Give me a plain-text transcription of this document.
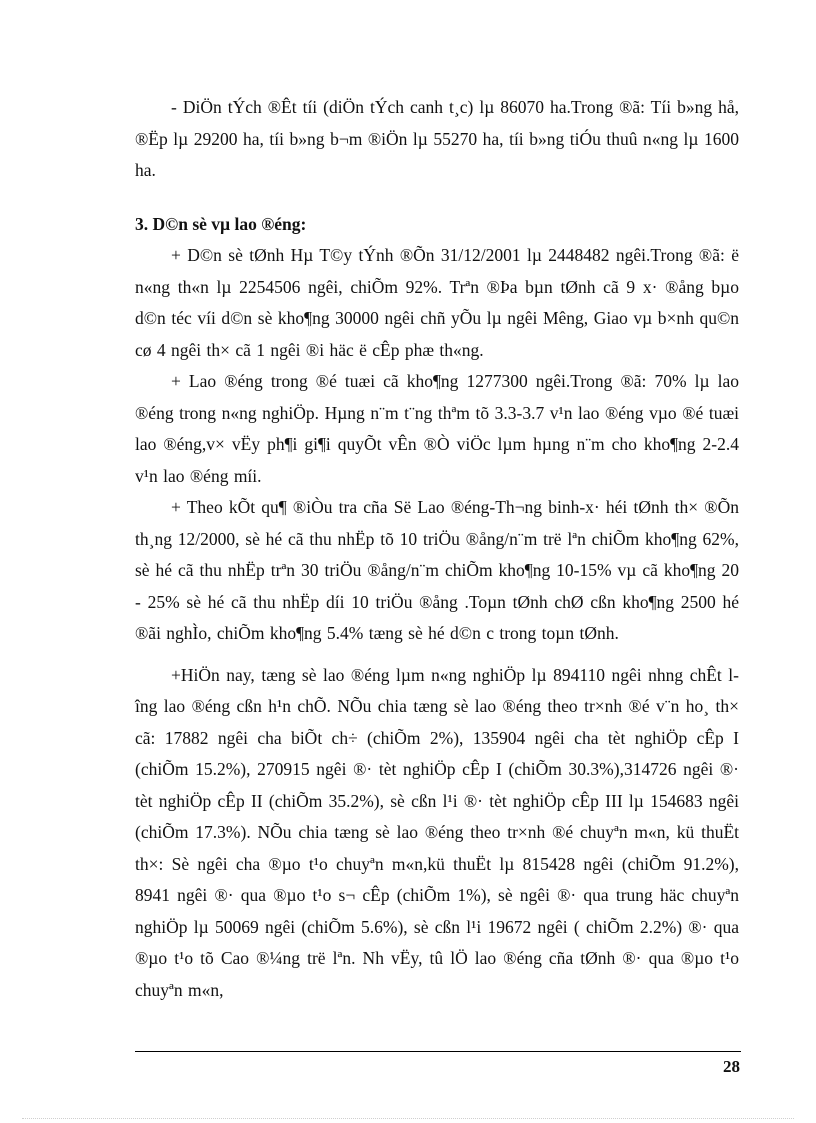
- DiÖn tÝch ®Êt tíi (diÖn tÝch canh t¸c) lµ 86070 ha.Trong ®ã: Tíi b»ng hå, ®Ëp lµ 29200 ha, tíi b»ng b¬m ®iÖn lµ 55270 ha, tíi b»ng tiÓu thuû n«ng lµ 1600 ha.

3. D©n sè vµ lao ®éng:

+ D©n sè tØnh Hµ T©y tÝnh ®Õn 31/12/2001 lµ 2448482 ngêi.Trong ®ã: ë n«ng th«n lµ 2254506 ngêi, chiÕm 92%. Trªn ®Þa bµn tØnh cã 9 x· ®ång bµo d©n téc víi d©n sè kho¶ng 30000 ngêi chñ yÕu lµ ngêi Mêng, Giao vµ b×nh qu©n cø 4 ngêi th× cã 1 ngêi ®i häc ë cÊp phæ th«ng.

+ Lao ®éng trong ®é tuæi cã kho¶ng 1277300 ngêi.Trong ®ã: 70% lµ lao ®éng trong n«ng nghiÖp. Hµng n¨m t¨ng thªm tõ 3.3-3.7 v¹n lao ®éng vµo ®é tuæi lao ®éng,v× vËy ph¶i gi¶i quyÕt vÊn ®Ò viÖc lµm hµng n¨m cho kho¶ng 2-2.4 v¹n lao ®éng míi.

+ Theo kÕt qu¶ ®iÒu tra cña Së Lao ®éng-Th¬ng binh-x· héi tØnh th× ®Õn th¸ng 12/2000, sè hé cã thu nhËp tõ 10 triÖu ®ång/n¨m trë lªn chiÕm kho¶ng 62%, sè hé cã thu nhËp trªn 30 triÖu ®ång/n¨m chiÕm kho¶ng 10-15% vµ cã kho¶ng 20 - 25% sè hé cã thu nhËp díi 10 triÖu ®ång .Toµn tØnh chØ cßn kho¶ng 2500 hé ®ãi nghÌo, chiÕm kho¶ng 5.4% tæng sè hé d©n c trong toµn tØnh.

+HiÖn nay, tæng sè lao ®éng lµm n«ng nghiÖp lµ 894110 ngêi nhng chÊt lîng lao ®éng cßn h¹n chÕ. NÕu chia tæng sè lao ®éng theo tr×nh ®é v¨n ho¸ th× cã: 17882 ngêi cha biÕt ch÷ (chiÕm 2%), 135904 ngêi cha tèt nghiÖp cÊp I (chiÕm 15.2%), 270915 ngêi ®· tèt nghiÖp cÊp I (chiÕm 30.3%),314726 ngêi ®· tèt nghiÖp cÊp II (chiÕm 35.2%), sè cßn l¹i ®· tèt nghiÖp cÊp III lµ 154683 ngêi (chiÕm 17.3%). NÕu chia tæng sè lao ®éng theo tr×nh ®é chuyªn m«n, kü thuËt th×: Sè ngêi cha ®µo t¹o chuyªn m«n,kü thuËt lµ 815428 ngêi (chiÕm 91.2%), 8941 ngêi ®· qua ®µo t¹o s¬ cÊp (chiÕm 1%), sè ngêi ®· qua trung häc chuyªn nghiÖp lµ 50069 ngêi (chiÕm 5.6%), sè cßn l¹i 19672 ngêi ( chiÕm 2.2%) ®· qua ®µo t¹o tõ Cao ®¼ng trë lªn. Nh vËy, tû lÖ lao ®éng cña tØnh ®· qua ®µo t¹o chuyªn m«n,

28
